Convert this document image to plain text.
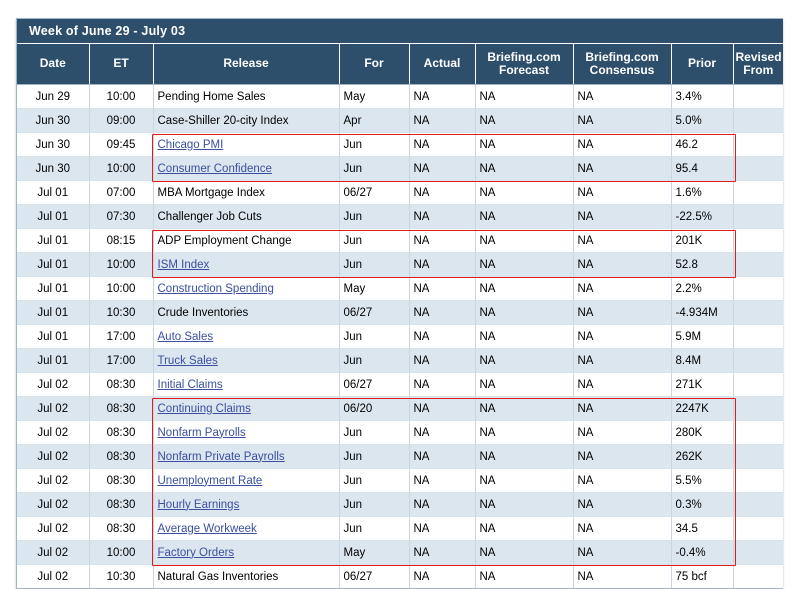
Week of June 29 - July 03								
Date	ET	Release	For	Actual	Briefing.com Forecast	Briefing.com Consensus	Prior	Revised From
Jun 29	10:00	Pending Home Sales	May	NA	NA	NA	3.4%	
Jun 30	09:00	Case-Shiller 20-city Index	Apr	NA	NA	NA	5.0%	
Jun 30	09:45	Chicago PMI	Jun	NA	NA	NA	46.2	
Jun 30	10:00	Consumer Confidence	Jun	NA	NA	NA	95.4	
Jul 01	07:00	MBA Mortgage Index	06/27	NA	NA	NA	1.6%	
Jul 01	07:30	Challenger Job Cuts	Jun	NA	NA	NA	-22.5%	
Jul 01	08:15	ADP Employment Change	Jun	NA	NA	NA	201K	
Jul 01	10:00	ISM Index	Jun	NA	NA	NA	52.8	
Jul 01	10:00	Construction Spending	May	NA	NA	NA	2.2%	
Jul 01	10:30	Crude Inventories	06/27	NA	NA	NA	-4.934M	
Jul 01	17:00	Auto Sales	Jun	NA	NA	NA	5.9M	
Jul 01	17:00	Truck Sales	Jun	NA	NA	NA	8.4M	
Jul 02	08:30	Initial Claims	06/27	NA	NA	NA	271K	
Jul 02	08:30	Continuing Claims	06/20	NA	NA	NA	2247K	
Jul 02	08:30	Nonfarm Payrolls	Jun	NA	NA	NA	280K	
Jul 02	08:30	Nonfarm Private Payrolls	Jun	NA	NA	NA	262K	
Jul 02	08:30	Unemployment Rate	Jun	NA	NA	NA	5.5%	
Jul 02	08:30	Hourly Earnings	Jun	NA	NA	NA	0.3%	
Jul 02	08:30	Average Workweek	Jun	NA	NA	NA	34.5	
Jul 02	10:00	Factory Orders	May	NA	NA	NA	-0.4%	
Jul 02	10:30	Natural Gas Inventories	06/27	NA	NA	NA	75 bcf	
